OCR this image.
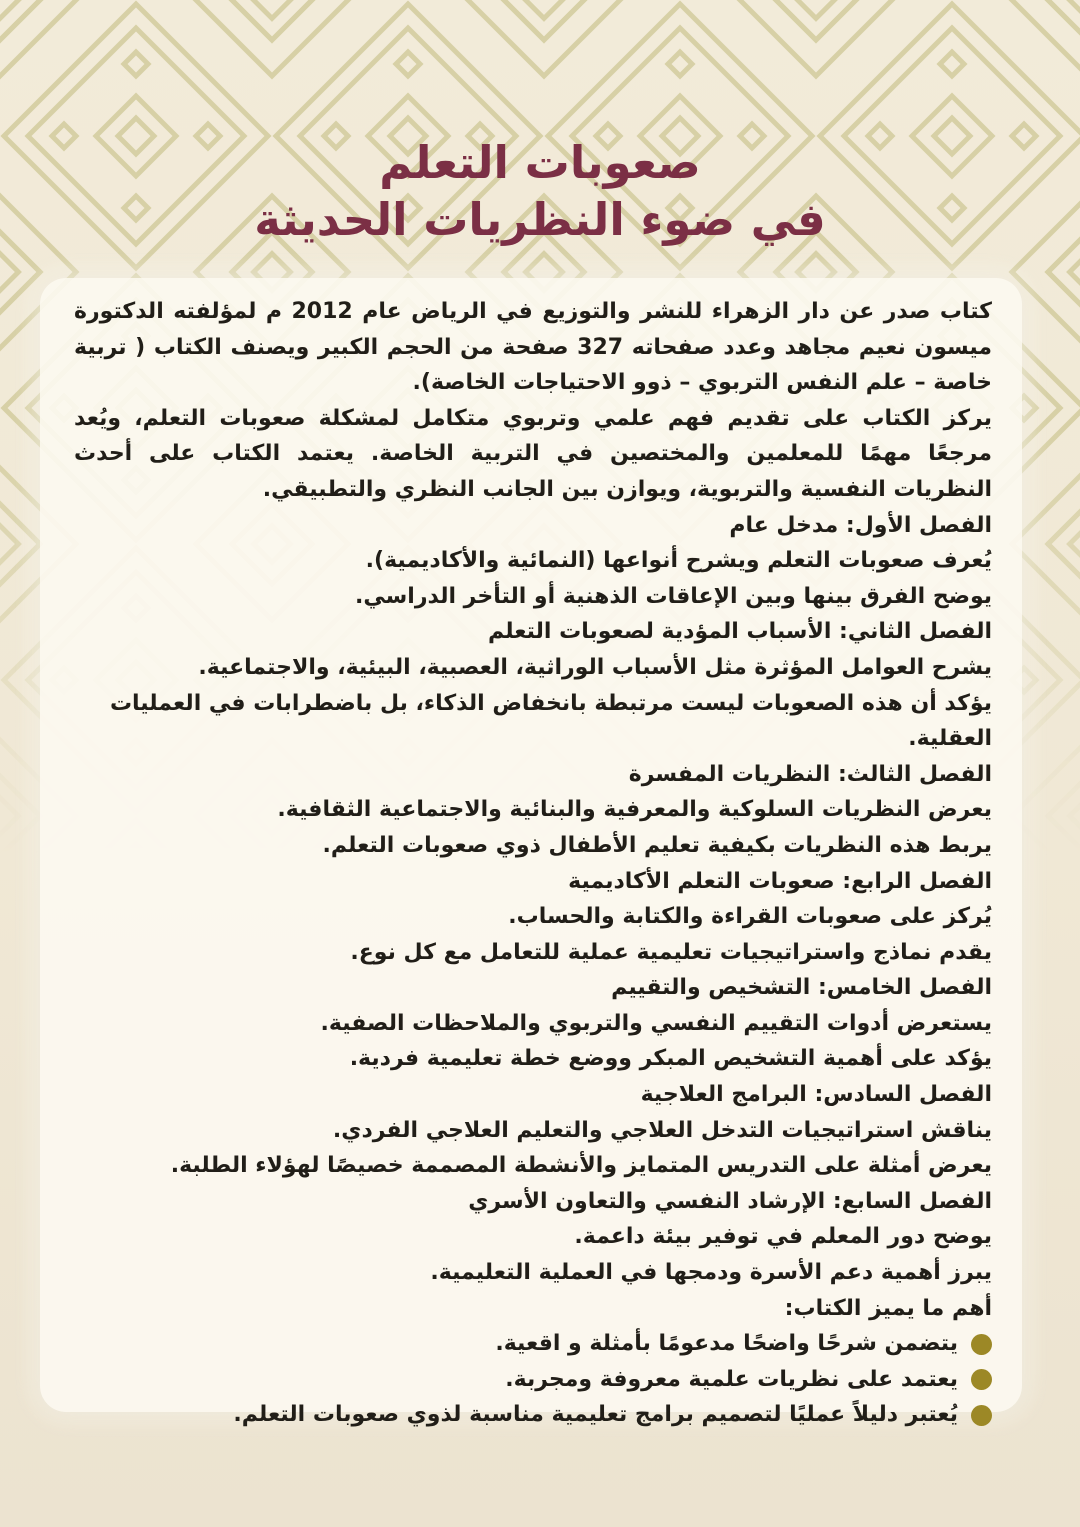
صعوبات التعلم
في ضوء النظريات الحديثة
كتاب صدر عن دار الزهراء للنشر والتوزيع في الرياض عام 2012 م لمؤلفته الدكتورة ميسون نعيم مجاهد وعدد صفحاته 327 صفحة من الحجم الكبير ويصنف الكتاب ( تربية خاصة – علم النفس التربوي – ذوو الاحتياجات الخاصة).
يركز الكتاب على تقديم فهم علمي وتربوي متكامل لمشكلة صعوبات التعلم، ويُعد مرجعًا مهمًا للمعلمين والمختصين في التربية الخاصة. يعتمد الكتاب على أحدث النظريات النفسية والتربوية، ويوازن بين الجانب النظري والتطبيقي.
الفصل الأول: مدخل عام
يُعرف صعوبات التعلم ويشرح أنواعها (النمائية والأكاديمية).
يوضح الفرق بينها وبين الإعاقات الذهنية أو التأخر الدراسي.
الفصل الثاني: الأسباب المؤدية لصعوبات التعلم
يشرح العوامل المؤثرة مثل الأسباب الوراثية، العصبية، البيئية، والاجتماعية.
يؤكد أن هذه الصعوبات ليست مرتبطة بانخفاض الذكاء، بل باضطرابات في العمليات العقلية.
الفصل الثالث: النظريات المفسرة
يعرض النظريات السلوكية والمعرفية والبنائية والاجتماعية الثقافية.
يربط هذه النظريات بكيفية تعليم الأطفال ذوي صعوبات التعلم.
الفصل الرابع: صعوبات التعلم الأكاديمية
يُركز على صعوبات القراءة والكتابة والحساب.
يقدم نماذج واستراتيجيات تعليمية عملية للتعامل مع كل نوع.
الفصل الخامس: التشخيص والتقييم
يستعرض أدوات التقييم النفسي والتربوي والملاحظات الصفية.
يؤكد على أهمية التشخيص المبكر ووضع خطة تعليمية فردية.
الفصل السادس: البرامج العلاجية
يناقش استراتيجيات التدخل العلاجي والتعليم العلاجي الفردي.
يعرض أمثلة على التدريس المتمايز والأنشطة المصممة خصيصًا لهؤلاء الطلبة.
الفصل السابع: الإرشاد النفسي والتعاون الأسري
يوضح دور المعلم في توفير بيئة داعمة.
يبرز أهمية دعم الأسرة ودمجها في العملية التعليمية.
أهم ما يميز الكتاب:
يتضمن شرحًا واضحًا مدعومًا بأمثلة و اقعية.
يعتمد على نظريات علمية معروفة ومجربة.
يُعتبر دليلاً عمليًا لتصميم برامج تعليمية مناسبة لذوي صعوبات التعلم.
